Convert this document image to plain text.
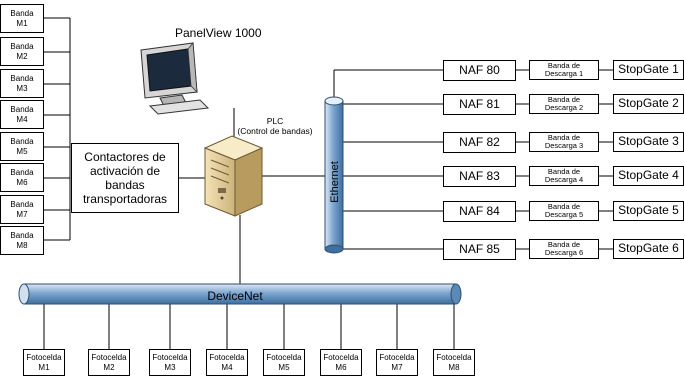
DeviceNet
Ethernet
PanelView 1000
PLC
(Control de bandas)
Contactores de
activación de
bandas
transportadoras
Banda
M1
Banda
M2
Banda
M3
Banda
M4
Banda
M5
Banda
M6
Banda
M7
Banda
M8
NAF 80
NAF 81
NAF 82
NAF 83
NAF 84
NAF 85
Banda de
Descarga 1
Banda de
Descarga 2
Banda de
Descarga 3
Banda de
Descarga 4
Banda de
Descarga 5
Banda de
Descarga 6
StopGate 1
StopGate 2
StopGate 3
StopGate 4
StopGate 5
StopGate 6
Fotocelda
M1
Fotocelda
M2
Fotocelda
M3
Fotocelda
M4
Fotocelda
M5
Fotocelda
M6
Fotocelda
M7
Fotocelda
M8
